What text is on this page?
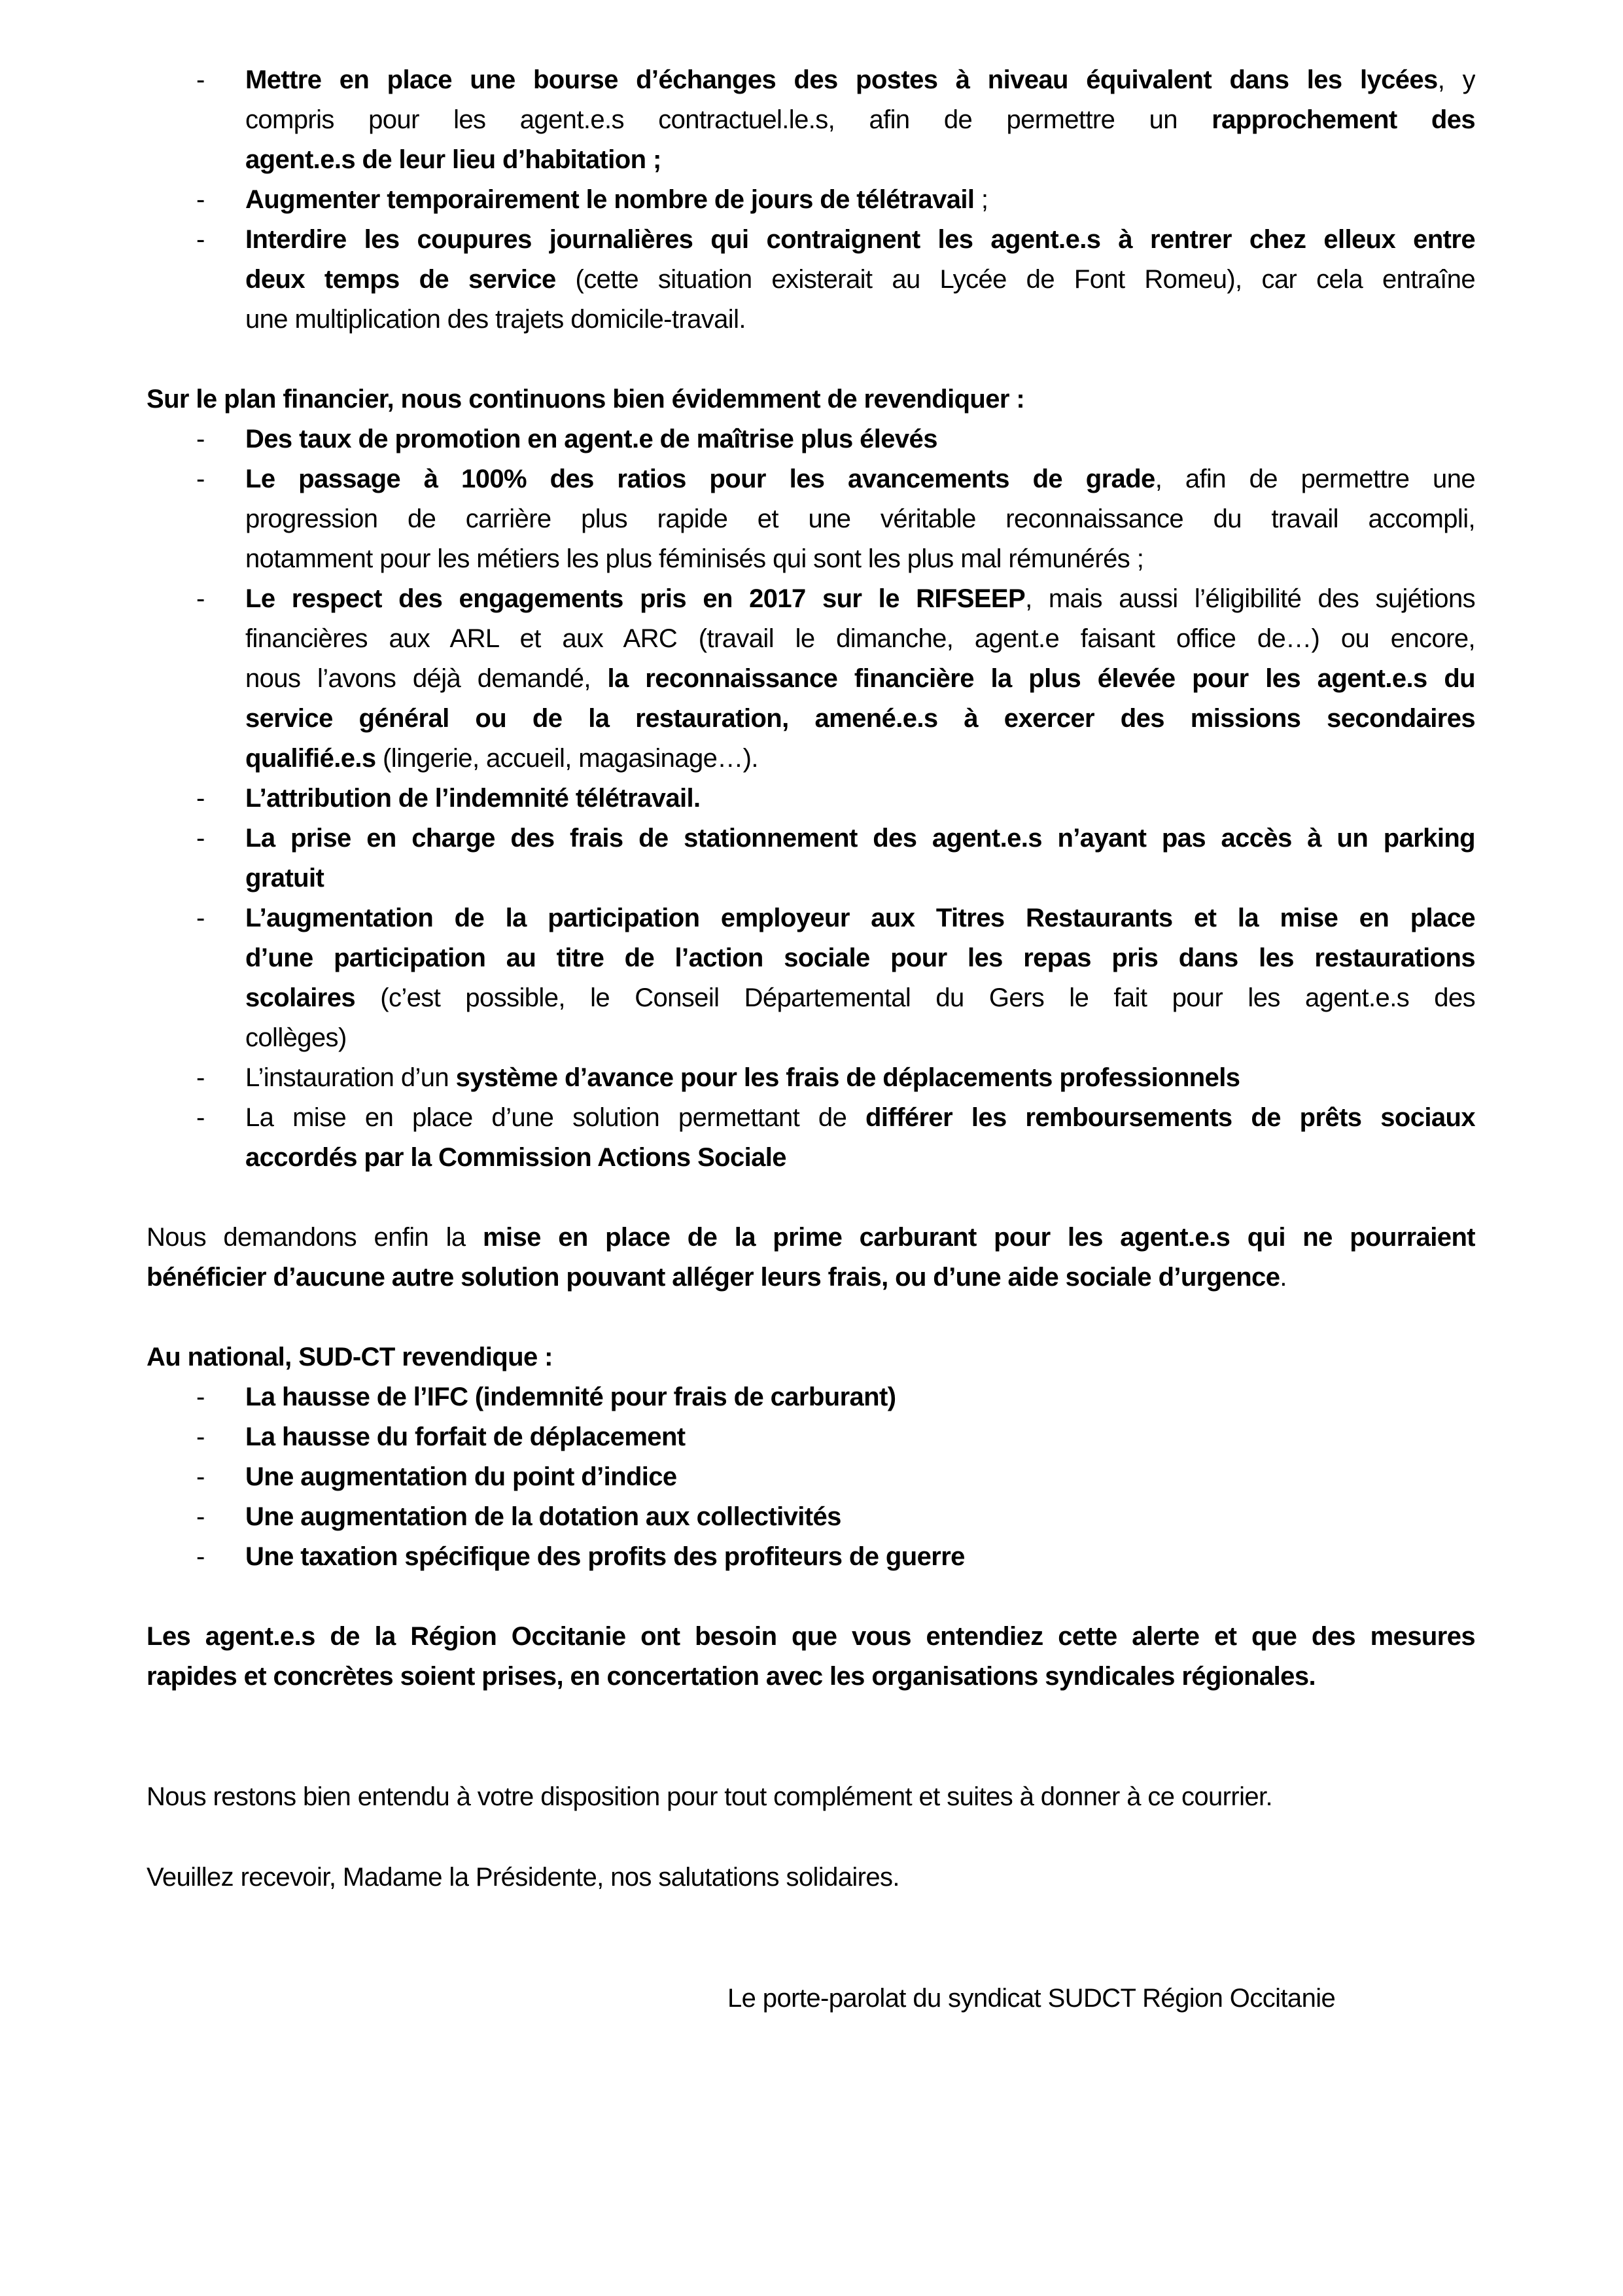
- Mettre en place une bourse d’échanges des postes à niveau équivalent dans les lycées, y
compris pour les agent.e.s contractuel.le.s, afin de permettre un rapprochement des
agent.e.s de leur lieu d’habitation ;
- Augmenter temporairement le nombre de jours de télétravail ;
- Interdire les coupures journalières qui contraignent les agent.e.s à rentrer chez elleux entre
deux temps de service (cette situation existerait au Lycée de Font Romeu), car cela entraîne
une multiplication des trajets domicile-travail.
Sur le plan financier, nous continuons bien évidemment de revendiquer :
- Des taux de promotion en agent.e de maîtrise plus élevés
- Le passage à 100% des ratios pour les avancements de grade, afin de permettre une
progression de carrière plus rapide et une véritable reconnaissance du travail accompli,
notamment pour les métiers les plus féminisés qui sont les plus mal rémunérés ;
- Le respect des engagements pris en 2017 sur le RIFSEEP, mais aussi l’éligibilité des sujétions
financières aux ARL et aux ARC (travail le dimanche, agent.e faisant office de…) ou encore,
nous l’avons déjà demandé, la reconnaissance financière la plus élevée pour les agent.e.s du
service général ou de la restauration, amené.e.s à exercer des missions secondaires
qualifié.e.s (lingerie, accueil, magasinage…).
- L’attribution de l’indemnité télétravail.
- La prise en charge des frais de stationnement des agent.e.s n’ayant pas accès à un parking
gratuit
- L’augmentation de la participation employeur aux Titres Restaurants et la mise en place
d’une participation au titre de l’action sociale pour les repas pris dans les restaurations
scolaires (c’est possible, le Conseil Départemental du Gers le fait pour les agent.e.s des
collèges)
- L’instauration d’un système d’avance pour les frais de déplacements professionnels
- La mise en place d’une solution permettant de différer les remboursements de prêts sociaux
accordés par la Commission Actions Sociale
Nous demandons enfin la mise en place de la prime carburant pour les agent.e.s qui ne pourraient
bénéficier d’aucune autre solution pouvant alléger leurs frais, ou d’une aide sociale d’urgence.
Au national, SUD-CT revendique :
- La hausse de l’IFC (indemnité pour frais de carburant)
- La hausse du forfait de déplacement
- Une augmentation du point d’indice
- Une augmentation de la dotation aux collectivités
- Une taxation spécifique des profits des profiteurs de guerre
Les agent.e.s de la Région Occitanie ont besoin que vous entendiez cette alerte et que des mesures
rapides et concrètes soient prises, en concertation avec les organisations syndicales régionales.
Nous restons bien entendu à votre disposition pour tout complément et suites à donner à ce courrier.
Veuillez recevoir, Madame la Présidente, nos salutations solidaires.
Le porte-parolat du syndicat SUDCT Région Occitanie
